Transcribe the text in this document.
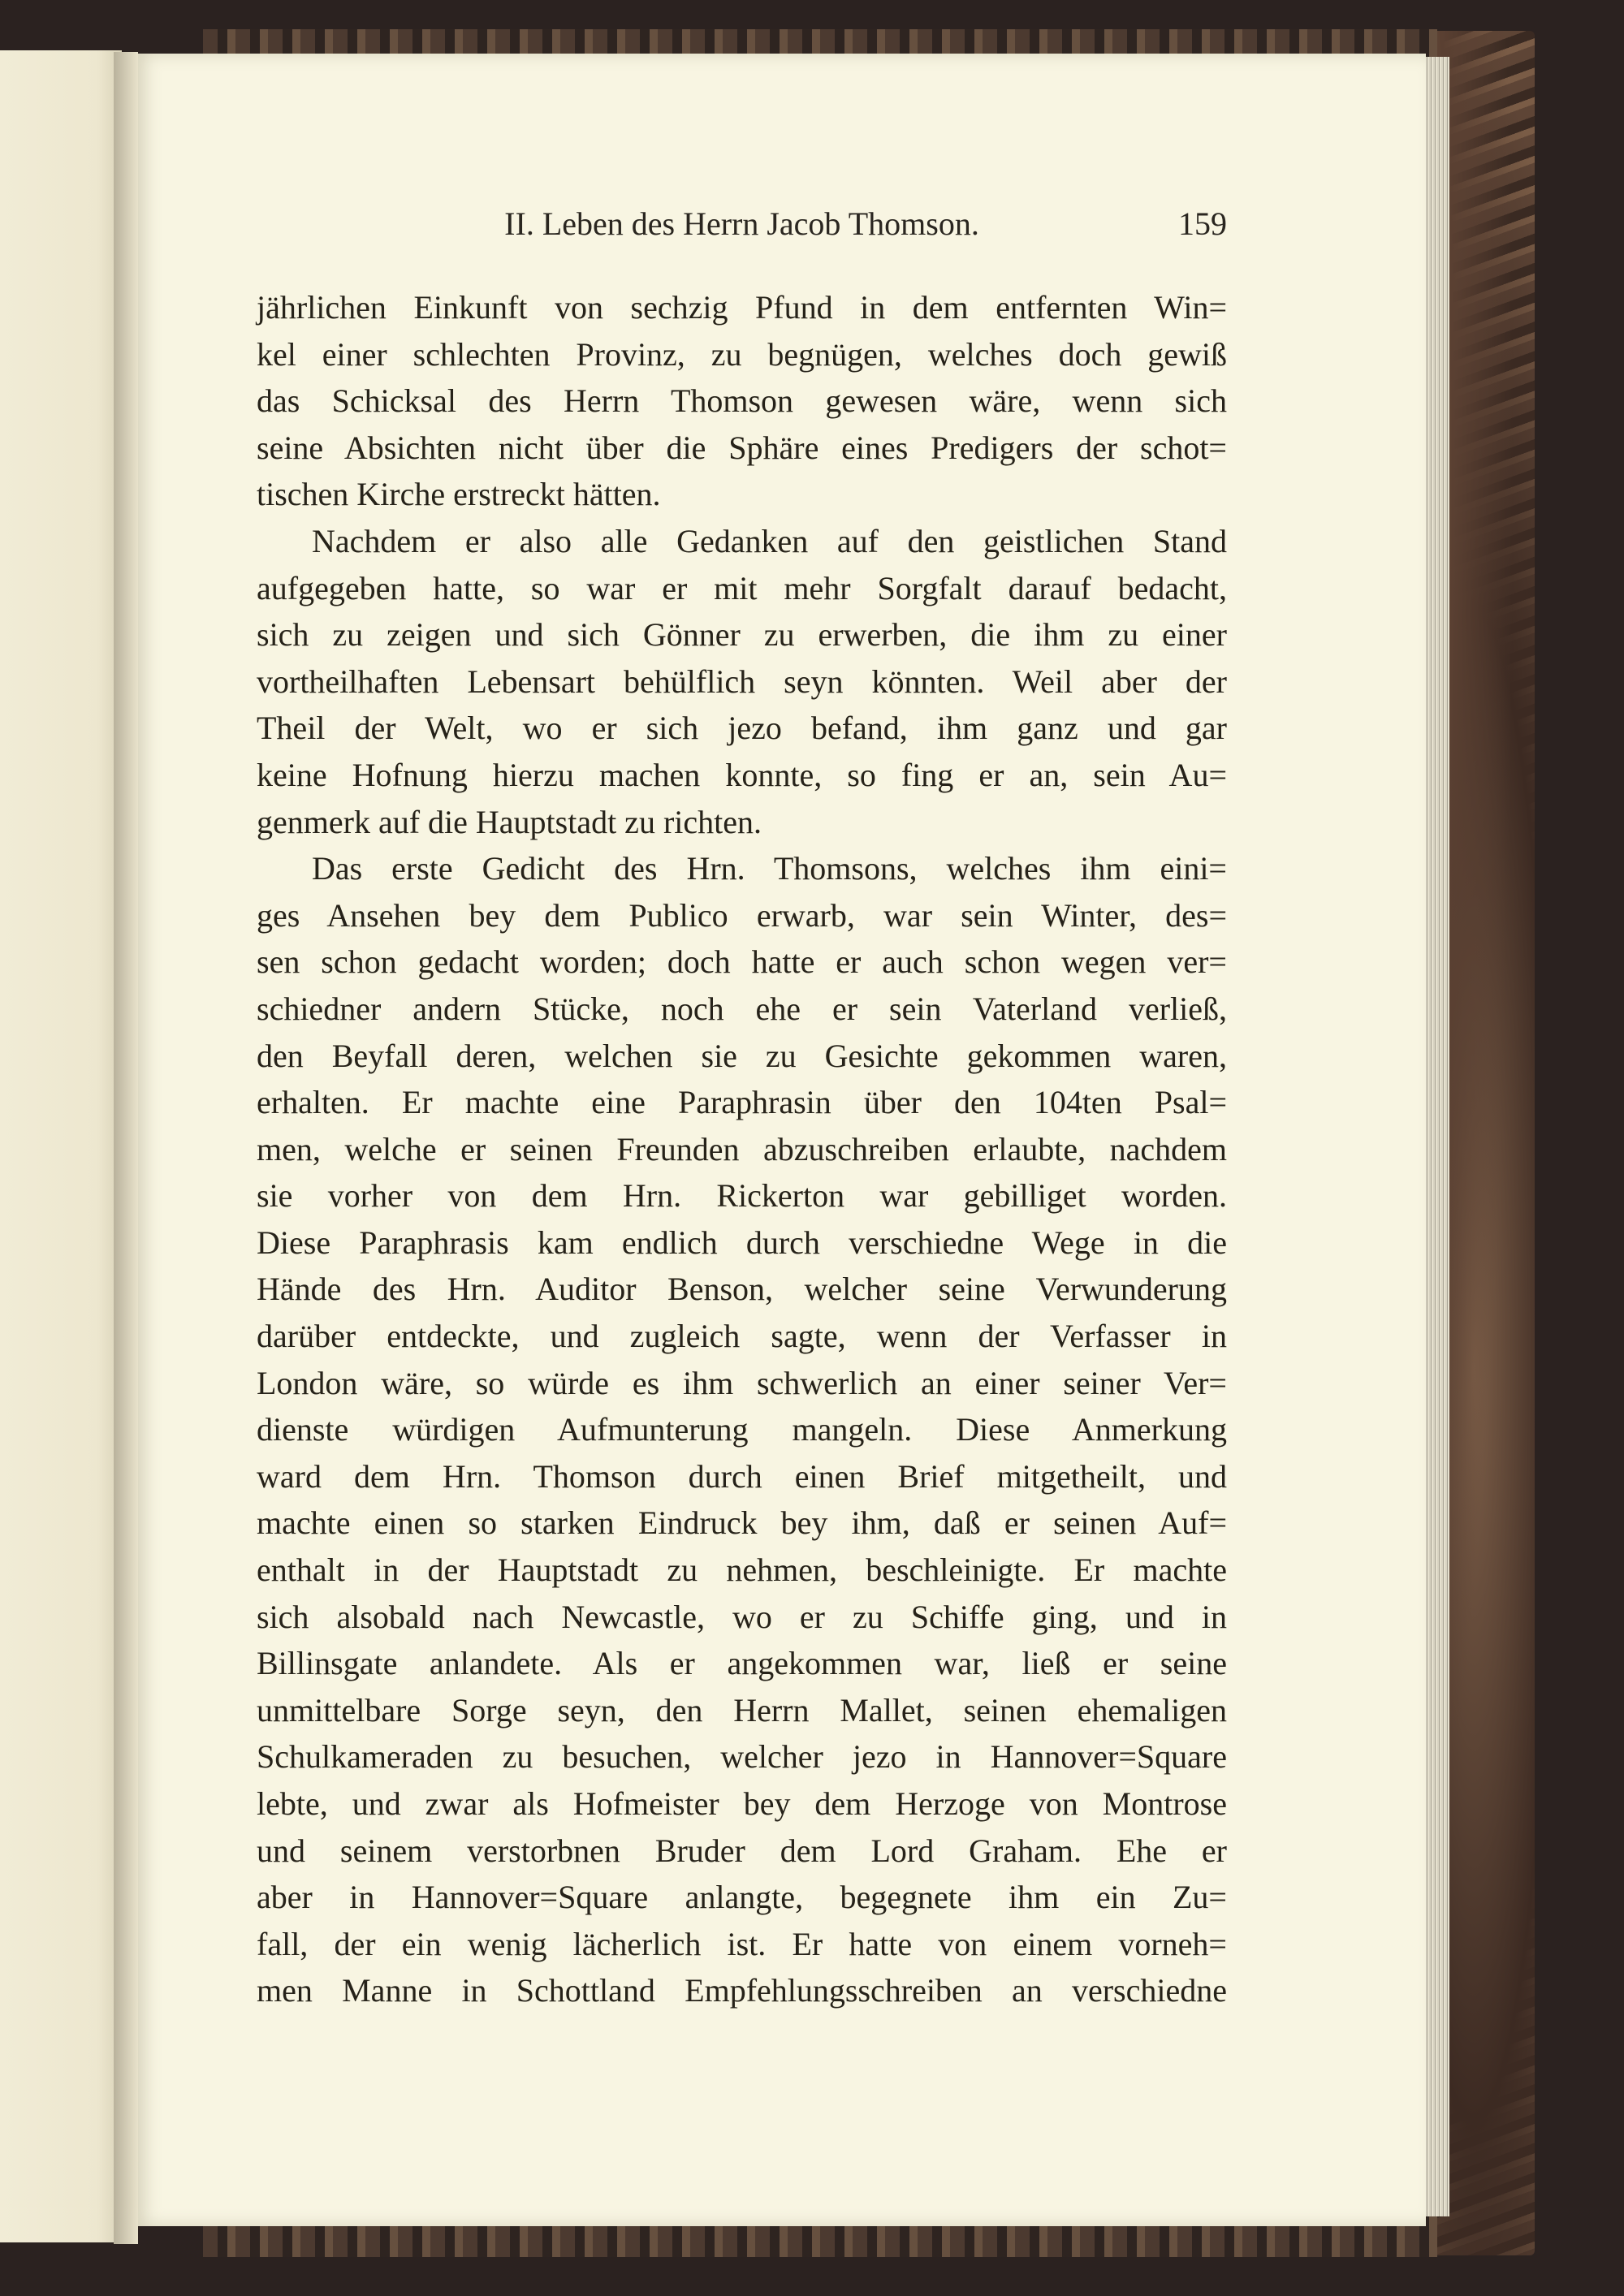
II. Leben des Herrn Jacob Thomson.	159
jährlichen Einkunft von sechzig Pfund in dem entfernten Win=
kel einer schlechten Provinz, zu begnügen, welches doch gewiß
das Schicksal des Herrn Thomson gewesen wäre, wenn sich
seine Absichten nicht über die Sphäre eines Predigers der schot=
tischen Kirche erstreckt hätten.
Nachdem er also alle Gedanken auf den geistlichen Stand
aufgegeben hatte, so war er mit mehr Sorgfalt darauf bedacht,
sich zu zeigen und sich Gönner zu erwerben, die ihm zu einer
vortheilhaften Lebensart behülflich seyn könnten. Weil aber der
Theil der Welt, wo er sich jezo befand, ihm ganz und gar
keine Hofnung hierzu machen konnte, so fing er an, sein Au=
genmerk auf die Hauptstadt zu richten.
Das erste Gedicht des Hrn. Thomsons, welches ihm eini=
ges Ansehen bey dem Publico erwarb, war sein Winter, des=
sen schon gedacht worden; doch hatte er auch schon wegen ver=
schiedner andern Stücke, noch ehe er sein Vaterland verließ,
den Beyfall deren, welchen sie zu Gesichte gekommen waren,
erhalten. Er machte eine Paraphrasin über den 104ten Psal=
men, welche er seinen Freunden abzuschreiben erlaubte, nachdem
sie vorher von dem Hrn. Rickerton war gebilliget worden.
Diese Paraphrasis kam endlich durch verschiedne Wege in die
Hände des Hrn. Auditor Benson, welcher seine Verwunderung
darüber entdeckte, und zugleich sagte, wenn der Verfasser in
London wäre, so würde es ihm schwerlich an einer seiner Ver=
dienste würdigen Aufmunterung mangeln. Diese Anmerkung
ward dem Hrn. Thomson durch einen Brief mitgetheilt, und
machte einen so starken Eindruck bey ihm, daß er seinen Auf=
enthalt in der Hauptstadt zu nehmen, beschleinigte. Er machte
sich alsobald nach Newcastle, wo er zu Schiffe ging, und in
Billinsgate anlandete. Als er angekommen war, ließ er seine
unmittelbare Sorge seyn, den Herrn Mallet, seinen ehemaligen
Schulkameraden zu besuchen, welcher jezo in Hannover=Square
lebte, und zwar als Hofmeister bey dem Herzoge von Montrose
und seinem verstorbnen Bruder dem Lord Graham. Ehe er
aber in Hannover=Square anlangte, begegnete ihm ein Zu=
fall, der ein wenig lächerlich ist. Er hatte von einem vorneh=
men Manne in Schottland Empfehlungsschreiben an verschiedne
